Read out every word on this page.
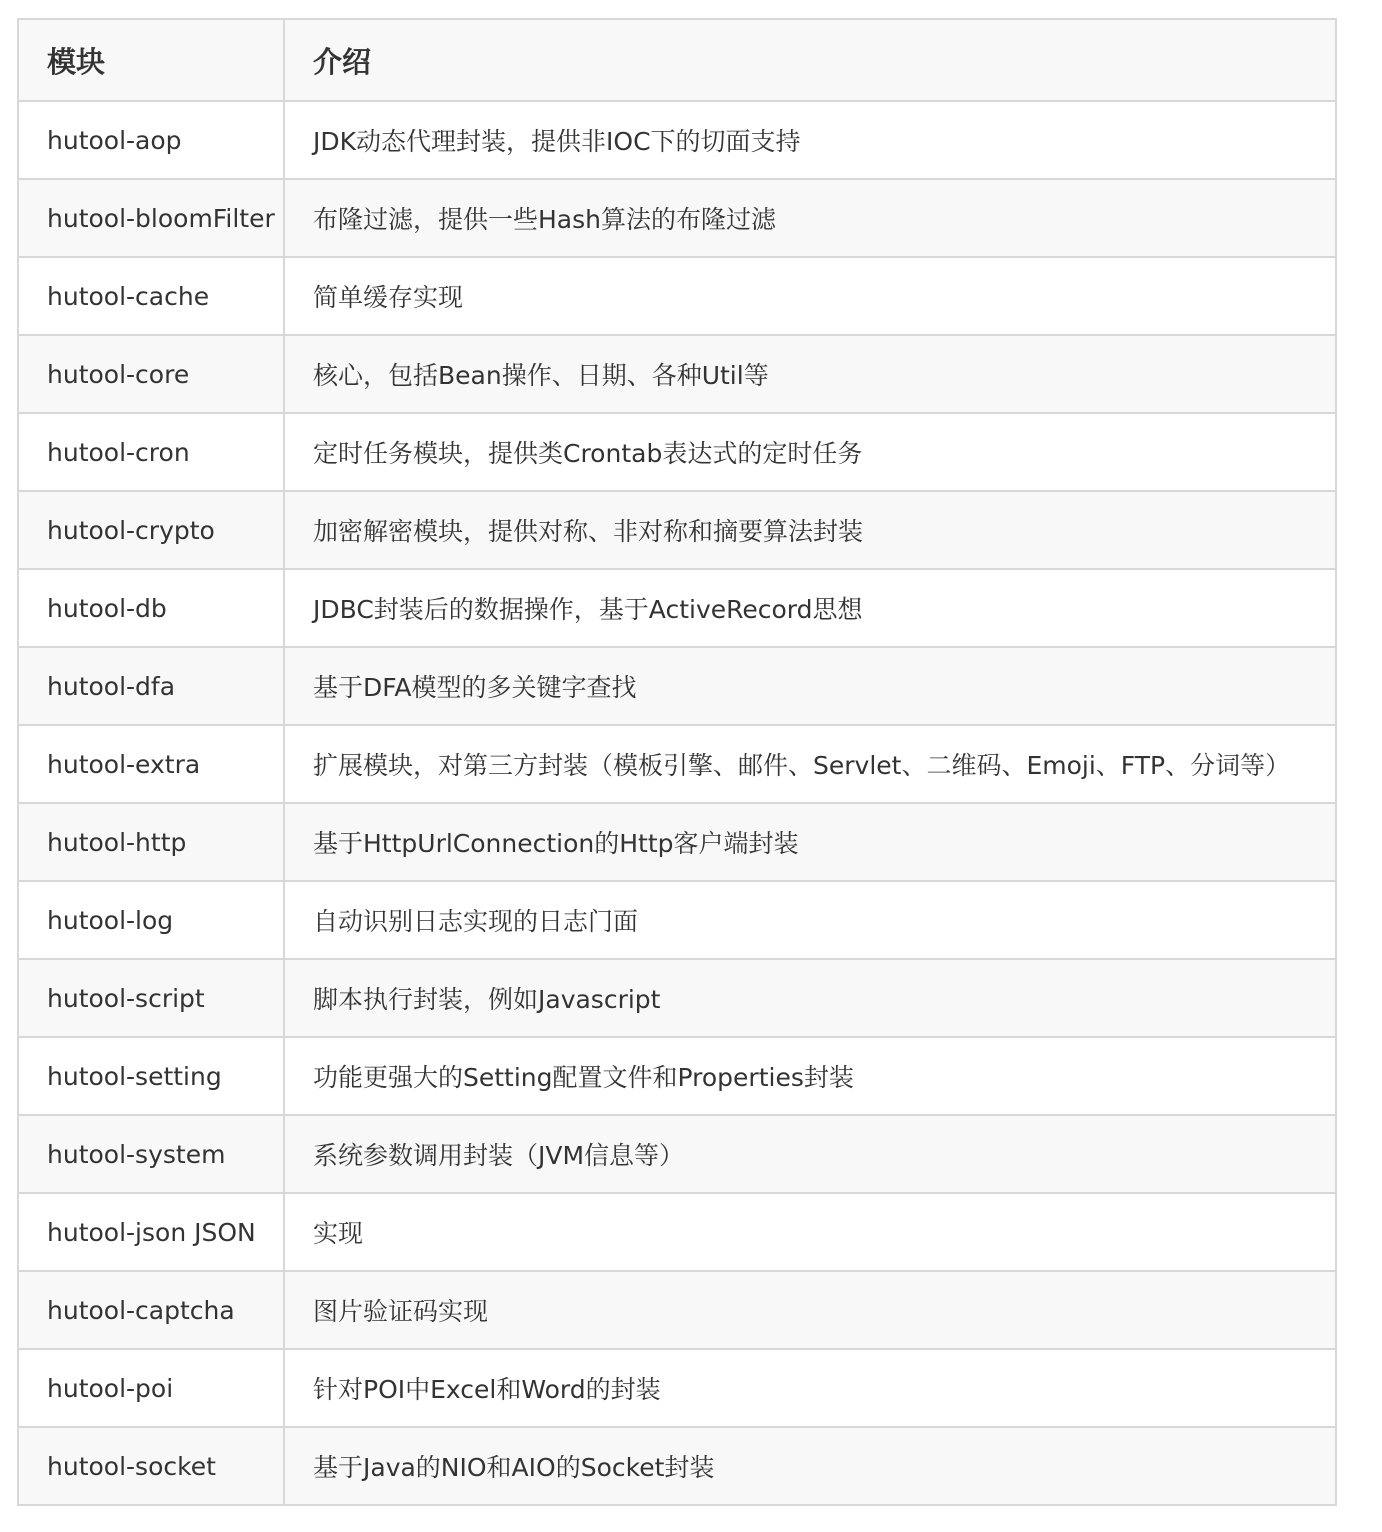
模块	介绍
hutool-aop	JDK动态代理封装，提供非IOC下的切面支持
hutool-bloomFilter	布隆过滤，提供一些Hash算法的布隆过滤
hutool-cache	简单缓存实现
hutool-core	核心，包括Bean操作、日期、各种Util等
hutool-cron	定时任务模块，提供类Crontab表达式的定时任务
hutool-crypto	加密解密模块，提供对称、非对称和摘要算法封装
hutool-db	JDBC封装后的数据操作，基于ActiveRecord思想
hutool-dfa	基于DFA模型的多关键字查找
hutool-extra	扩展模块，对第三方封装（模板引擎、邮件、Servlet、二维码、Emoji、FTP、分词等）
hutool-http	基于HttpUrlConnection的Http客户端封装
hutool-log	自动识别日志实现的日志门面
hutool-script	脚本执行封装，例如Javascript
hutool-setting	功能更强大的Setting配置文件和Properties封装
hutool-system	系统参数调用封装（JVM信息等）
hutool-json JSON	实现
hutool-captcha	图片验证码实现
hutool-poi	针对POI中Excel和Word的封装
hutool-socket	基于Java的NIO和AIO的Socket封装
